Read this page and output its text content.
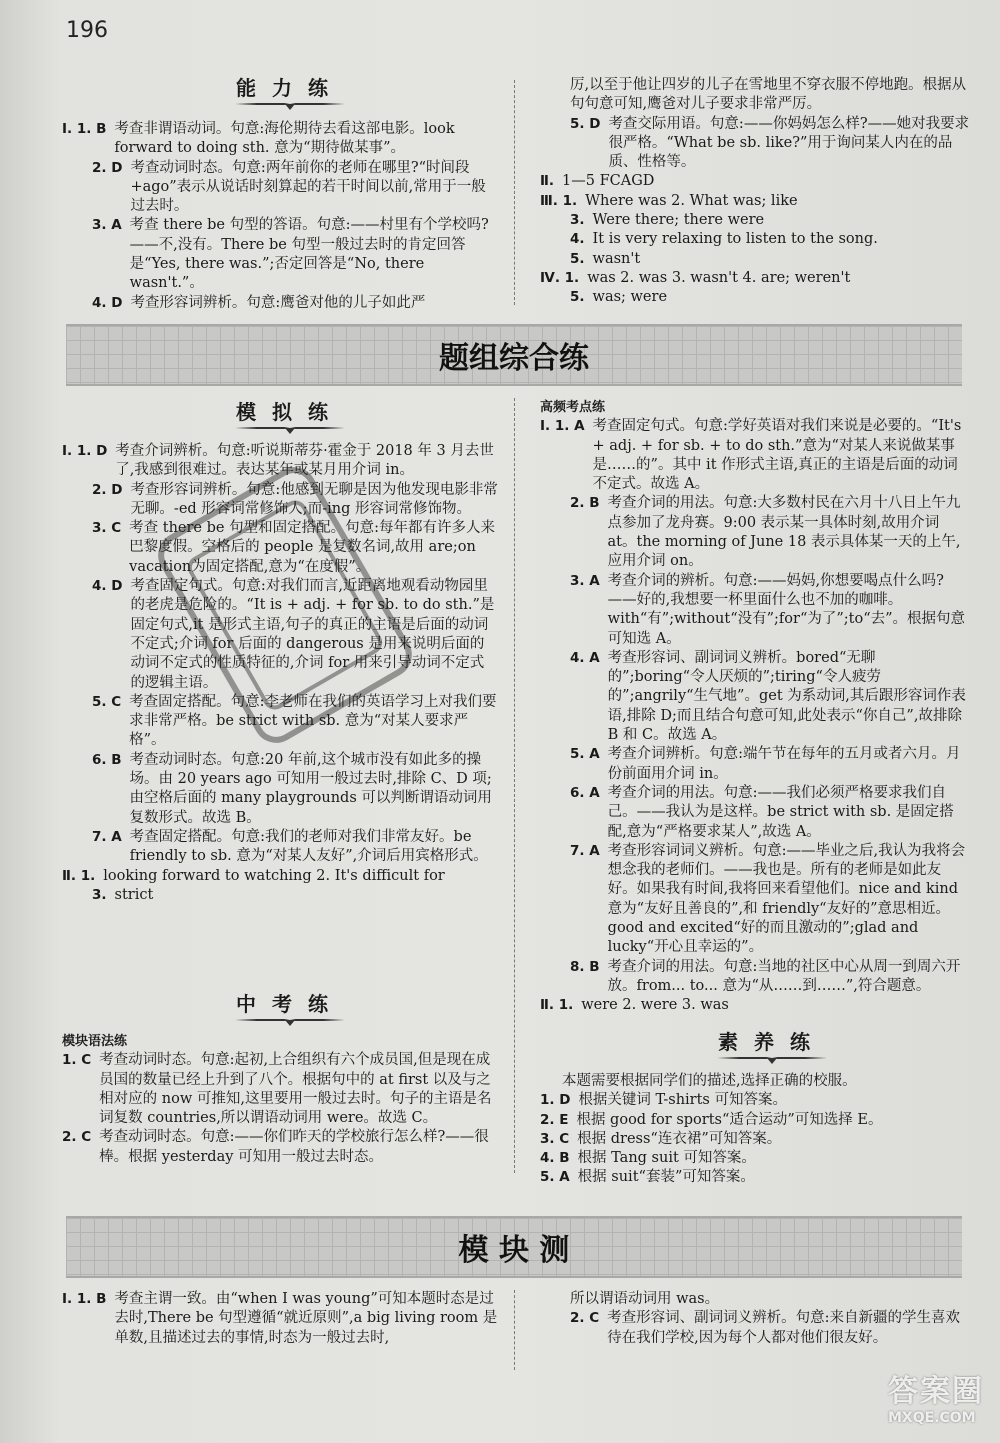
196
能力练
Ⅰ. 1. B 考查非谓语动词。句意:海伦期待去看这部电影。look forward to doing sth. 意为“期待做某事”。
2. D 考查动词时态。句意:两年前你的老师在哪里?“时间段+ago”表示从说话时刻算起的若干时间以前,常用于一般过去时。
3. A 考查 there be 句型的答语。句意:——村里有个学校吗?——不,没有。There be 句型一般过去时的肯定回答是“Yes, there was.”;否定回答是“No, there wasn't.”。
4. D 考查形容词辨析。句意:鹰爸对他的儿子如此严
厉,以至于他让四岁的儿子在雪地里不穿衣服不停地跑。根据从句句意可知,鹰爸对儿子要求非常严厉。
5. D 考查交际用语。句意:——你妈妈怎么样?——她对我要求很严格。“What be sb. like?”用于询问某人内在的品质、性格等。
Ⅱ. 1—5 FCAGD
Ⅲ. 1. Where was 2. What was; like
3. Were there; there were
4. It is very relaxing to listen to the song.
5. wasn't
Ⅳ. 1. was 2. was 3. wasn't 4. are; weren't
5. was; were
题组综合练
模拟练
Ⅰ. 1. D 考查介词辨析。句意:听说斯蒂芬·霍金于 2018 年 3 月去世了,我感到很难过。表达某年或某月用介词 in。
2. D 考查形容词辨析。句意:他感到无聊是因为他发现电影非常无聊。-ed 形容词常修饰人;而-ing 形容词常修饰物。
3. C 考查 there be 句型和固定搭配。句意:每年都有许多人来巴黎度假。空格后的 people 是复数名词,故用 are;on vacation为固定搭配,意为“在度假”。
4. D 考查固定句式。句意:对我们而言,近距离地观看动物园里的老虎是危险的。“It is + adj. + for sb. to do sth.”是固定句式,it 是形式主语,句子的真正的主语是后面的动词不定式;介词 for 后面的 dangerous 是用来说明后面的动词不定式的性质特征的,介词 for 用来引导动词不定式的逻辑主语。
5. C 考查固定搭配。句意:李老师在我们的英语学习上对我们要求非常严格。be strict with sb. 意为“对某人要求严格”。
6. B 考查动词时态。句意:20 年前,这个城市没有如此多的操场。由 20 years ago 可知用一般过去时,排除 C、D 项;由空格后面的 many playgrounds 可以判断谓语动词用复数形式。故选 B。
7. A 考查固定搭配。句意:我们的老师对我们非常友好。be friendly to sb. 意为“对某人友好”,介词后用宾格形式。
Ⅱ. 1. looking forward to watching 2. It's difficult for
3. strict
高频考点练
Ⅰ. 1. A 考查固定句式。句意:学好英语对我们来说是必要的。“It's + adj. + for sb. + to do sth.”意为“对某人来说做某事是……的”。其中 it 作形式主语,真正的主语是后面的动词不定式。故选 A。
2. B 考查介词的用法。句意:大多数村民在六月十八日上午九点参加了龙舟赛。9:00 表示某一具体时刻,故用介词 at。the morning of June 18 表示具体某一天的上午,应用介词 on。
3. A 考查介词的辨析。句意:——妈妈,你想要喝点什么吗?——好的,我想要一杯里面什么也不加的咖啡。with“有”;without“没有”;for“为了”;to“去”。根据句意可知选 A。
4. A 考查形容词、副词词义辨析。bored“无聊的”;boring“令人厌烦的”;tiring“令人疲劳的”;angrily“生气地”。get 为系动词,其后跟形容词作表语,排除 D;而且结合句意可知,此处表示“你自己”,故排除 B 和 C。故选 A。
5. A 考查介词辨析。句意:端午节在每年的五月或者六月。月份前面用介词 in。
6. A 考查介词的用法。句意:——我们必须严格要求我们自己。——我认为是这样。be strict with sb. 是固定搭配,意为“严格要求某人”,故选 A。
7. A 考查形容词词义辨析。句意:——毕业之后,我认为我将会想念我的老师们。——我也是。所有的老师是如此友好。如果我有时间,我将回来看望他们。nice and kind 意为“友好且善良的”,和 friendly“友好的”意思相近。good and excited“好的而且激动的”;glad and lucky“开心且幸运的”。
8. B 考查介词的用法。句意:当地的社区中心从周一到周六开放。from... to... 意为“从……到……”,符合题意。
Ⅱ. 1. were 2. were 3. was
中考练
模块语法练
1. C 考查动词时态。句意:起初,上合组织有六个成员国,但是现在成员国的数量已经上升到了八个。根据句中的 at first 以及与之相对应的 now 可推知,这里要用一般过去时。句子的主语是名词复数 countries,所以谓语动词用 were。故选 C。
2. C 考查动词时态。句意:——你们昨天的学校旅行怎么样?——很棒。根据 yesterday 可知用一般过去时态。
素养练
本题需要根据同学们的描述,选择正确的校服。
1. D 根据关键词 T-shirts 可知答案。
2. E 根据 good for sports“适合运动”可知选择 E。
3. C 根据 dress“连衣裙”可知答案。
4. B 根据 Tang suit 可知答案。
5. A 根据 suit“套装”可知答案。
模 块 测
Ⅰ. 1. B 考查主谓一致。由“when I was young”可知本题时态是过去时,There be 句型遵循“就近原则”,a big living room 是单数,且描述过去的事情,时态为一般过去时,
所以谓语动词用 was。
2. C 考查形容词、副词词义辨析。句意:来自新疆的学生喜欢待在我们学校,因为每个人都对他们很友好。
答案圈
MXQE.COM
